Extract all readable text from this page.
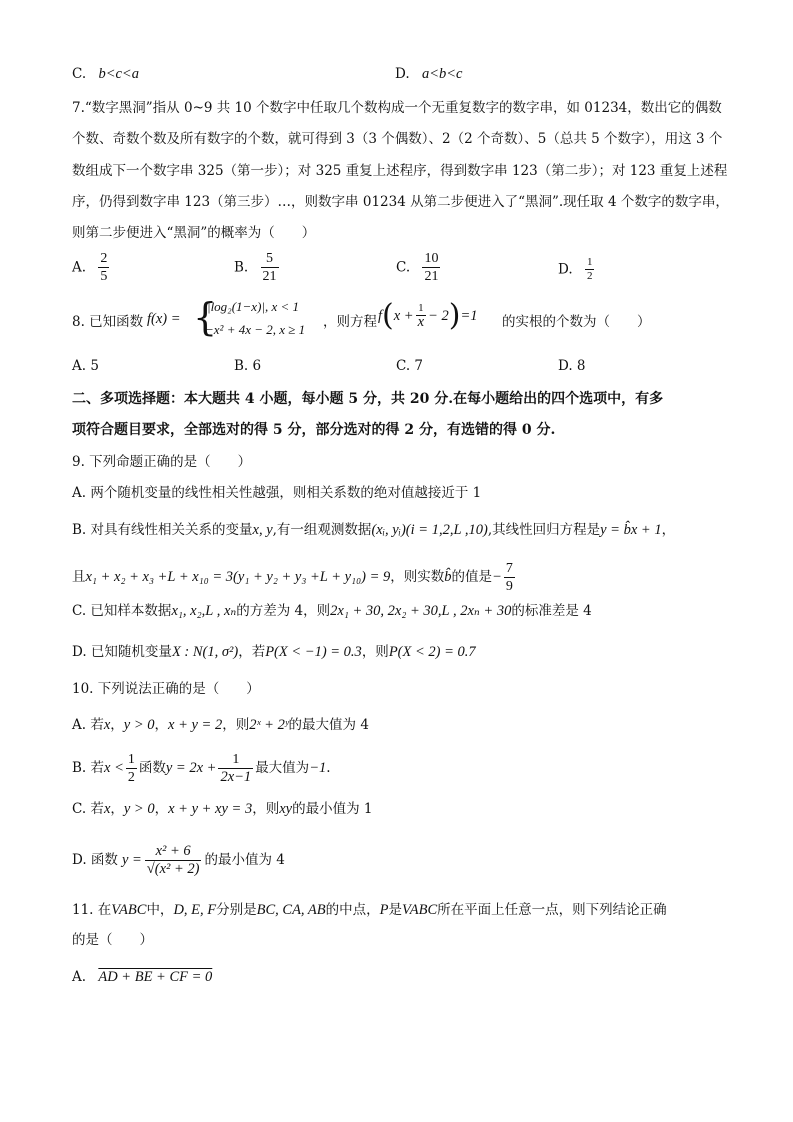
C. b<c<a	D. a<b<c
7.“数字黑洞”指从 0~9 共 10 个数字中任取几个数构成一个无重复数字的数字串，如 01234，数出它的偶数
个数、奇数个数及所有数字的个数，就可得到 3（3 个偶数）、2（2 个奇数）、5（总共 5 个数字），用这 3 个
数组成下一个数字串 325（第一步）；对 325 重复上述程序，得到数字串 123（第二步）；对 123 重复上述程
序，仍得到数字串 123（第三步）…，则数字串 01234 从第二步便进入了“黑洞”.现任取 4 个数字的数字串，
则第二步便进入“黑洞”的概率为（　　）
A. $\frac{2}{5}$	B. $\frac{5}{21}$	C. $\frac{10}{21}$	D. $\frac{1}{2}$
8. 已知函数 f(x) = {
|log₂(1−x)|, x < 1
−x² + 4x − 2, x ≥ 1 ，则方程 $f(x + \frac{1}{x} - 2)=1$ 的实根的个数为（　　）
A. 5	B. 6	C. 7	D. 8
二、多项选择题：本大题共 4 小题，每小题 5 分，共 20 分.在每小题给出的四个选项中，有多
项符合题目要求，全部选对的得 5 分，部分选对的得 2 分，有选错的得 0 分.
9. 下列命题正确的是（　　）
A. 两个随机变量的线性相关性越强，则相关系数的绝对值越接近于 1
B. 对具有线性相关关系的变量x, y,有一组观测数据(xᵢ, yᵢ)(i = 1,2,L ,10),其线性回归方程是y = b̂x + 1，
且x₁ + x₂ + x₃ +L + x₁₀ = 3(y₁ + y₂ + y₃ +L + y₁₀) = 9，则实数b̂的值是− $\frac{7}{9}$
C. 已知样本数据x₁, x₂,L , xₙ的方差为 4，则2x₁ + 30, 2x₂ + 30,L , 2xₙ + 30的标准差是 4
D. 已知随机变量X : N(1, σ²)，若P(X < −1) = 0.3，则P(X < 2) = 0.7
10. 下列说法正确的是（　　）
A. 若x，y > 0，x + y = 2，则2ˣ + 2ʸ的最大值为 4
B. 若$x < \frac{1}{2}$ 函数$y = 2x + \frac{1}{2x-1}$ 最大值为−1.
C. 若x，y > 0，x + y + xy = 3，则xy的最小值为 1
D. 函数 $y = \frac{\text{x² + 6}}{\text{√(x² + 2)}}$ 的最小值为 4
11. 在VABC中，D, E, F分别是BC, CA, AB的中点，P是VABC所在平面上任意一点，则下列结论正确
的是（　　）
A. AD + BE + CF = 0
